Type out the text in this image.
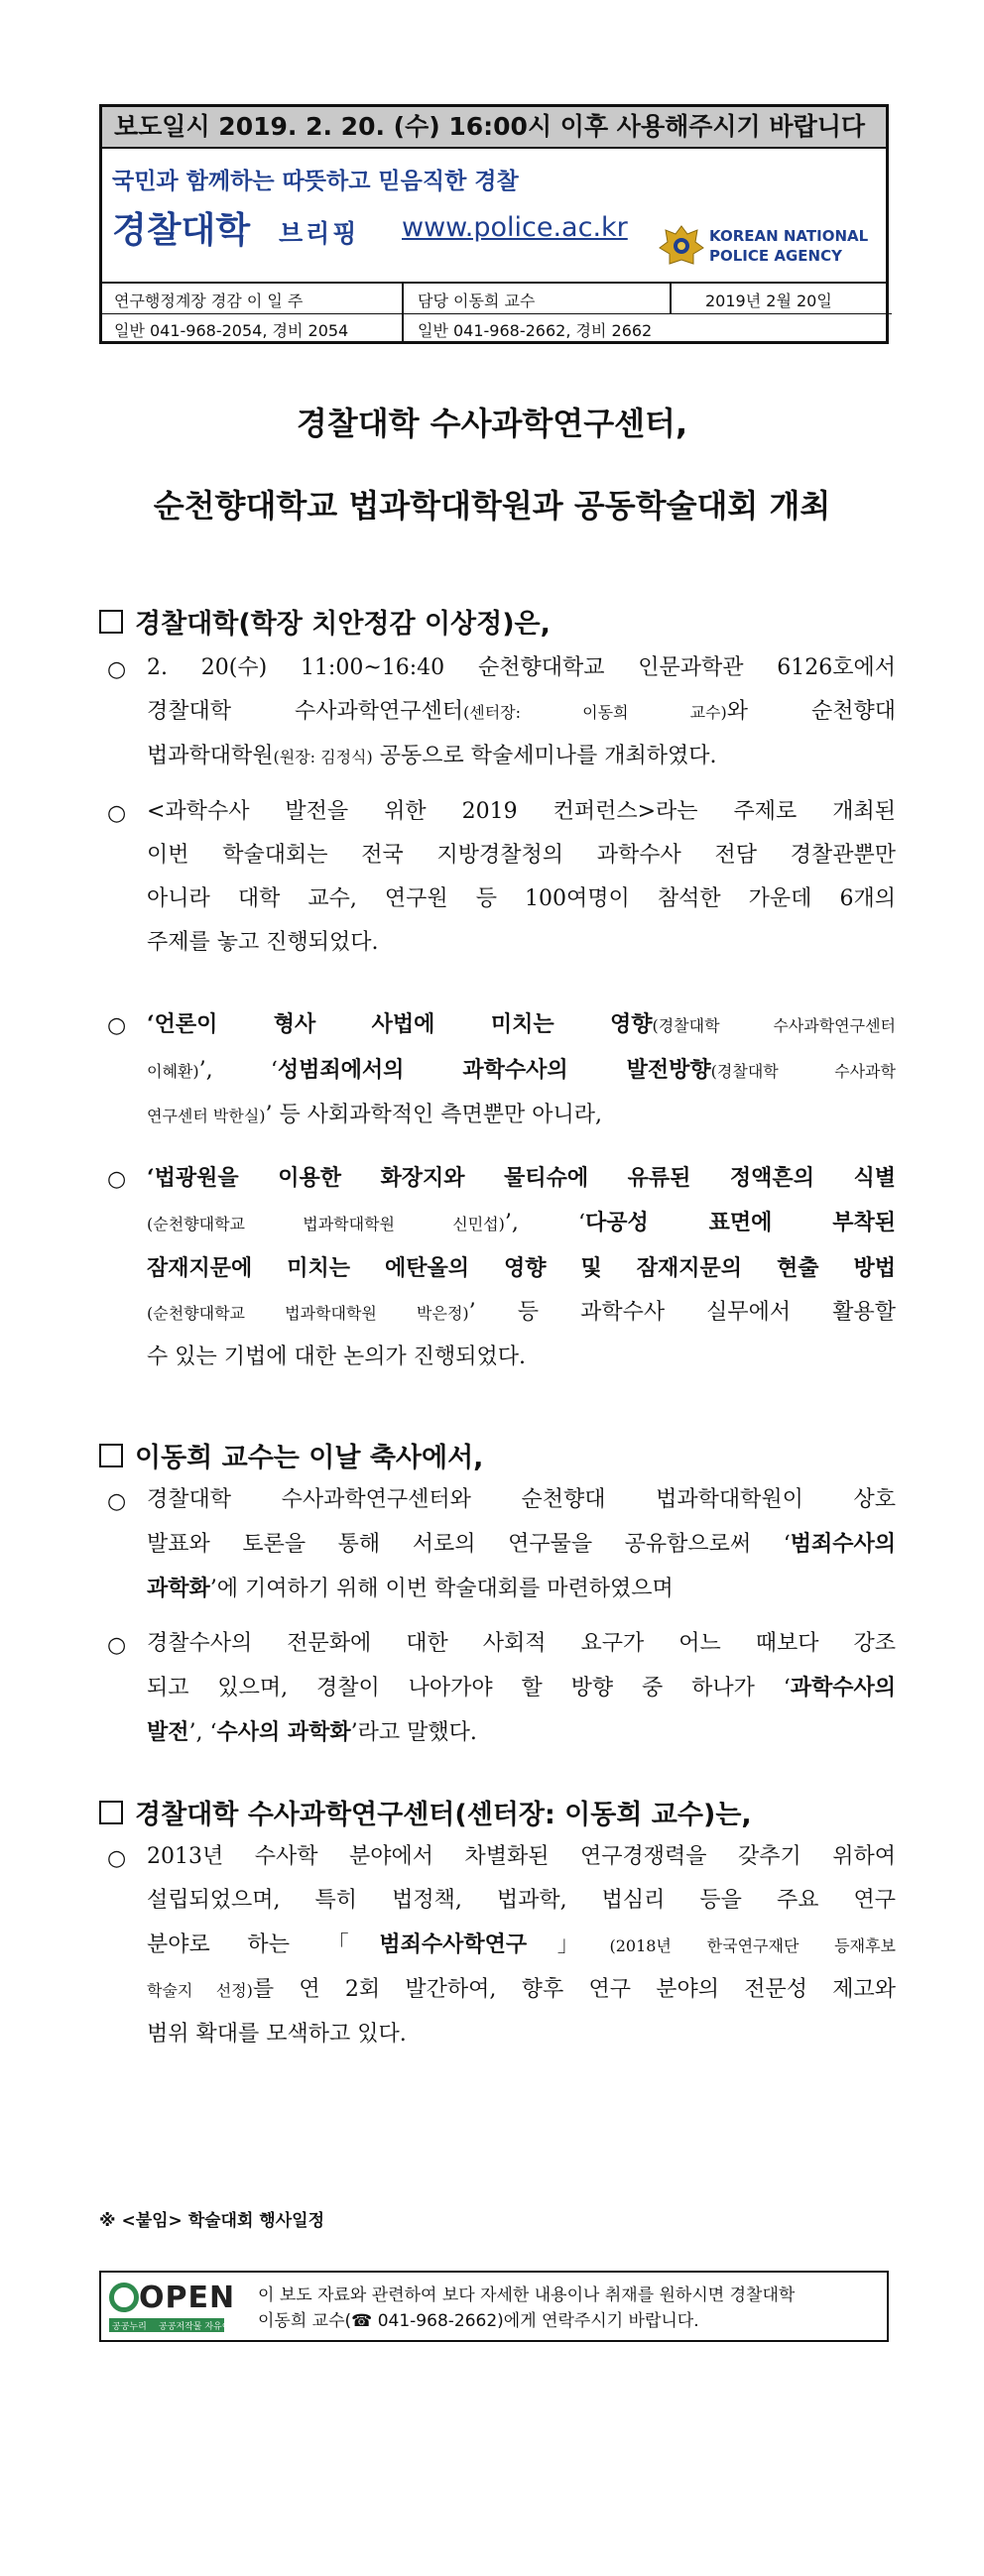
보도일시 2019. 2. 20. (수) 16:00시 이후 사용해주시기 바랍니다
국민과 함께하는 따뜻하고 믿음직한 경찰
경찰대학 브리핑 www.police.ac.kr	KOREAN NATIONAL
POLICE AGENCY
연구행정계장 경감 이 일 주
일반 041-968-2054, 경비 2054
담당 이동희 교수
일반 041-968-2662, 경비 2662
2019년 2월 20일
경찰대학 수사과학연구센터,
순천향대학교 법과학대학원과 공동학술대회 개최
경찰대학(학장 치안정감 이상정)은,
○ 2. 20(수) 11:00~16:40 순천향대학교 인문과학관 6126호에서

경찰대학 수사과학연구센터(센터장: 이동희 교수)와 순천향대

법과학대학원(원장: 김정식) 공동으로 학술세미나를 개최하였다.

○ <과학수사 발전을 위한 2019 컨퍼런스>라는 주제로 개최된

이번 학술대회는 전국 지방경찰청의 과학수사 전담 경찰관뿐만

아니라 대학 교수, 연구원 등 100여명이 참석한 가운데 6개의

주제를 놓고 진행되었다.

○ ‘언론이 형사 사법에 미치는 영향(경찰대학 수사과학연구센터

이혜환)’, ‘성범죄에서의 과학수사의 발전방향(경찰대학 수사과학

연구센터 박한실)’ 등 사회과학적인 측면뿐만 아니라,

○ ‘법광원을 이용한 화장지와 물티슈에 유류된 정액흔의 식별

(순천향대학교 법과학대학원 신민섭)’, ‘다공성 표면에 부착된

잠재지문에 미치는 에탄올의 영향 및 잠재지문의 현출 방법

(순천향대학교 법과학대학원 박은정)’ 등 과학수사 실무에서 활용할

수 있는 기법에 대한 논의가 진행되었다.

이동희 교수는 이날 축사에서,
○ 경찰대학 수사과학연구센터와 순천향대 법과학대학원이 상호

발표와 토론을 통해 서로의 연구물을 공유함으로써 ‘범죄수사의

과학화’에 기여하기 위해 이번 학술대회를 마련하였으며

○ 경찰수사의 전문화에 대한 사회적 요구가 어느 때보다 강조

되고 있으며, 경찰이 나아가야 할 방향 중 하나가 ‘과학수사의

발전’, ‘수사의 과학화’라고 말했다.

경찰대학 수사과학연구센터(센터장: 이동희 교수)는,
○ 2013년 수사학 분야에서 차별화된 연구경쟁력을 갖추기 위하여

설립되었으며, 특히 법정책, 법과학, 법심리 등을 주요 연구

분야로 하는 「범죄수사학연구」(2018년 한국연구재단 등재후보

학술지 선정)를 연 2회 발간하여, 향후 연구 분야의 전문성 제고와

범위 확대를 모색하고 있다.

※ <붙임> 학술대회 행사일정
OPEN
공공누리 공공저작물 자유이용허락
이 보도 자료와 관련하여 보다 자세한 내용이나 취재를 원하시면 경찰대학
이동희 교수(☎ 041-968-2662)에게 연락주시기 바랍니다.
